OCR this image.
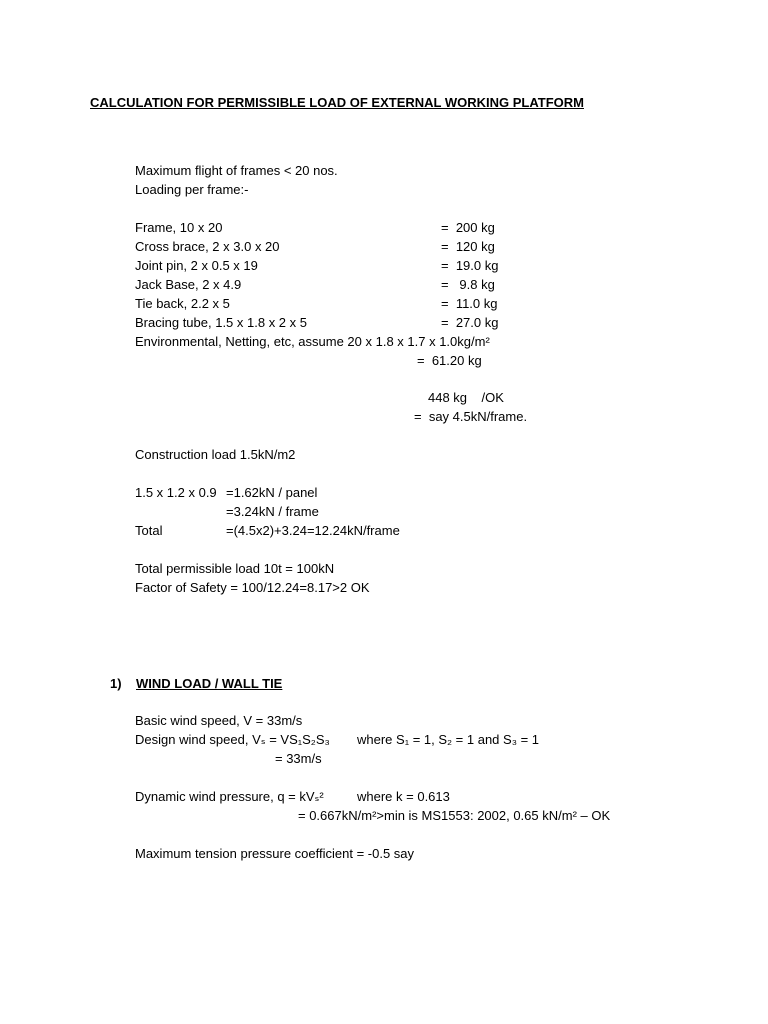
CALCULATION FOR PERMISSIBLE LOAD OF EXTERNAL WORKING PLATFORM
Maximum flight of frames < 20 nos.
Loading per frame:-
Frame, 10 x 20	=  200 kg
Cross brace, 2 x 3.0 x 20	=  120 kg
Joint pin, 2 x 0.5 x 19	=  19.0 kg
Jack Base, 2 x 4.9	=   9.8 kg
Tie back, 2.2 x 5	=  11.0 kg
Bracing tube, 1.5 x 1.8 x 2 x 5	=  27.0 kg
Environmental, Netting, etc, assume 20 x 1.8 x 1.7 x 1.0kg/m²
=  61.20 kg
448 kg    /OK
=  say 4.5kN/frame.
Construction load 1.5kN/m2
1.5 x 1.2 x 0.9 =1.62kN / panel
=3.24kN / frame
Total	=(4.5x2)+3.24=12.24kN/frame
Total permissible load 10t = 100kN
Factor of Safety = 100/12.24=8.17>2 OK
1) WIND LOAD / WALL TIE
Basic wind speed, V = 33m/s
Design wind speed, Vₛ = VS₁S₂S₃ where S₁ = 1, S₂ = 1 and S₃ = 1
= 33m/s
Dynamic wind pressure, q = kVₛ²	where k = 0.613
= 0.667kN/m²>min is MS1553: 2002, 0.65 kN/m² – OK
Maximum tension pressure coefficient = -0.5 say
